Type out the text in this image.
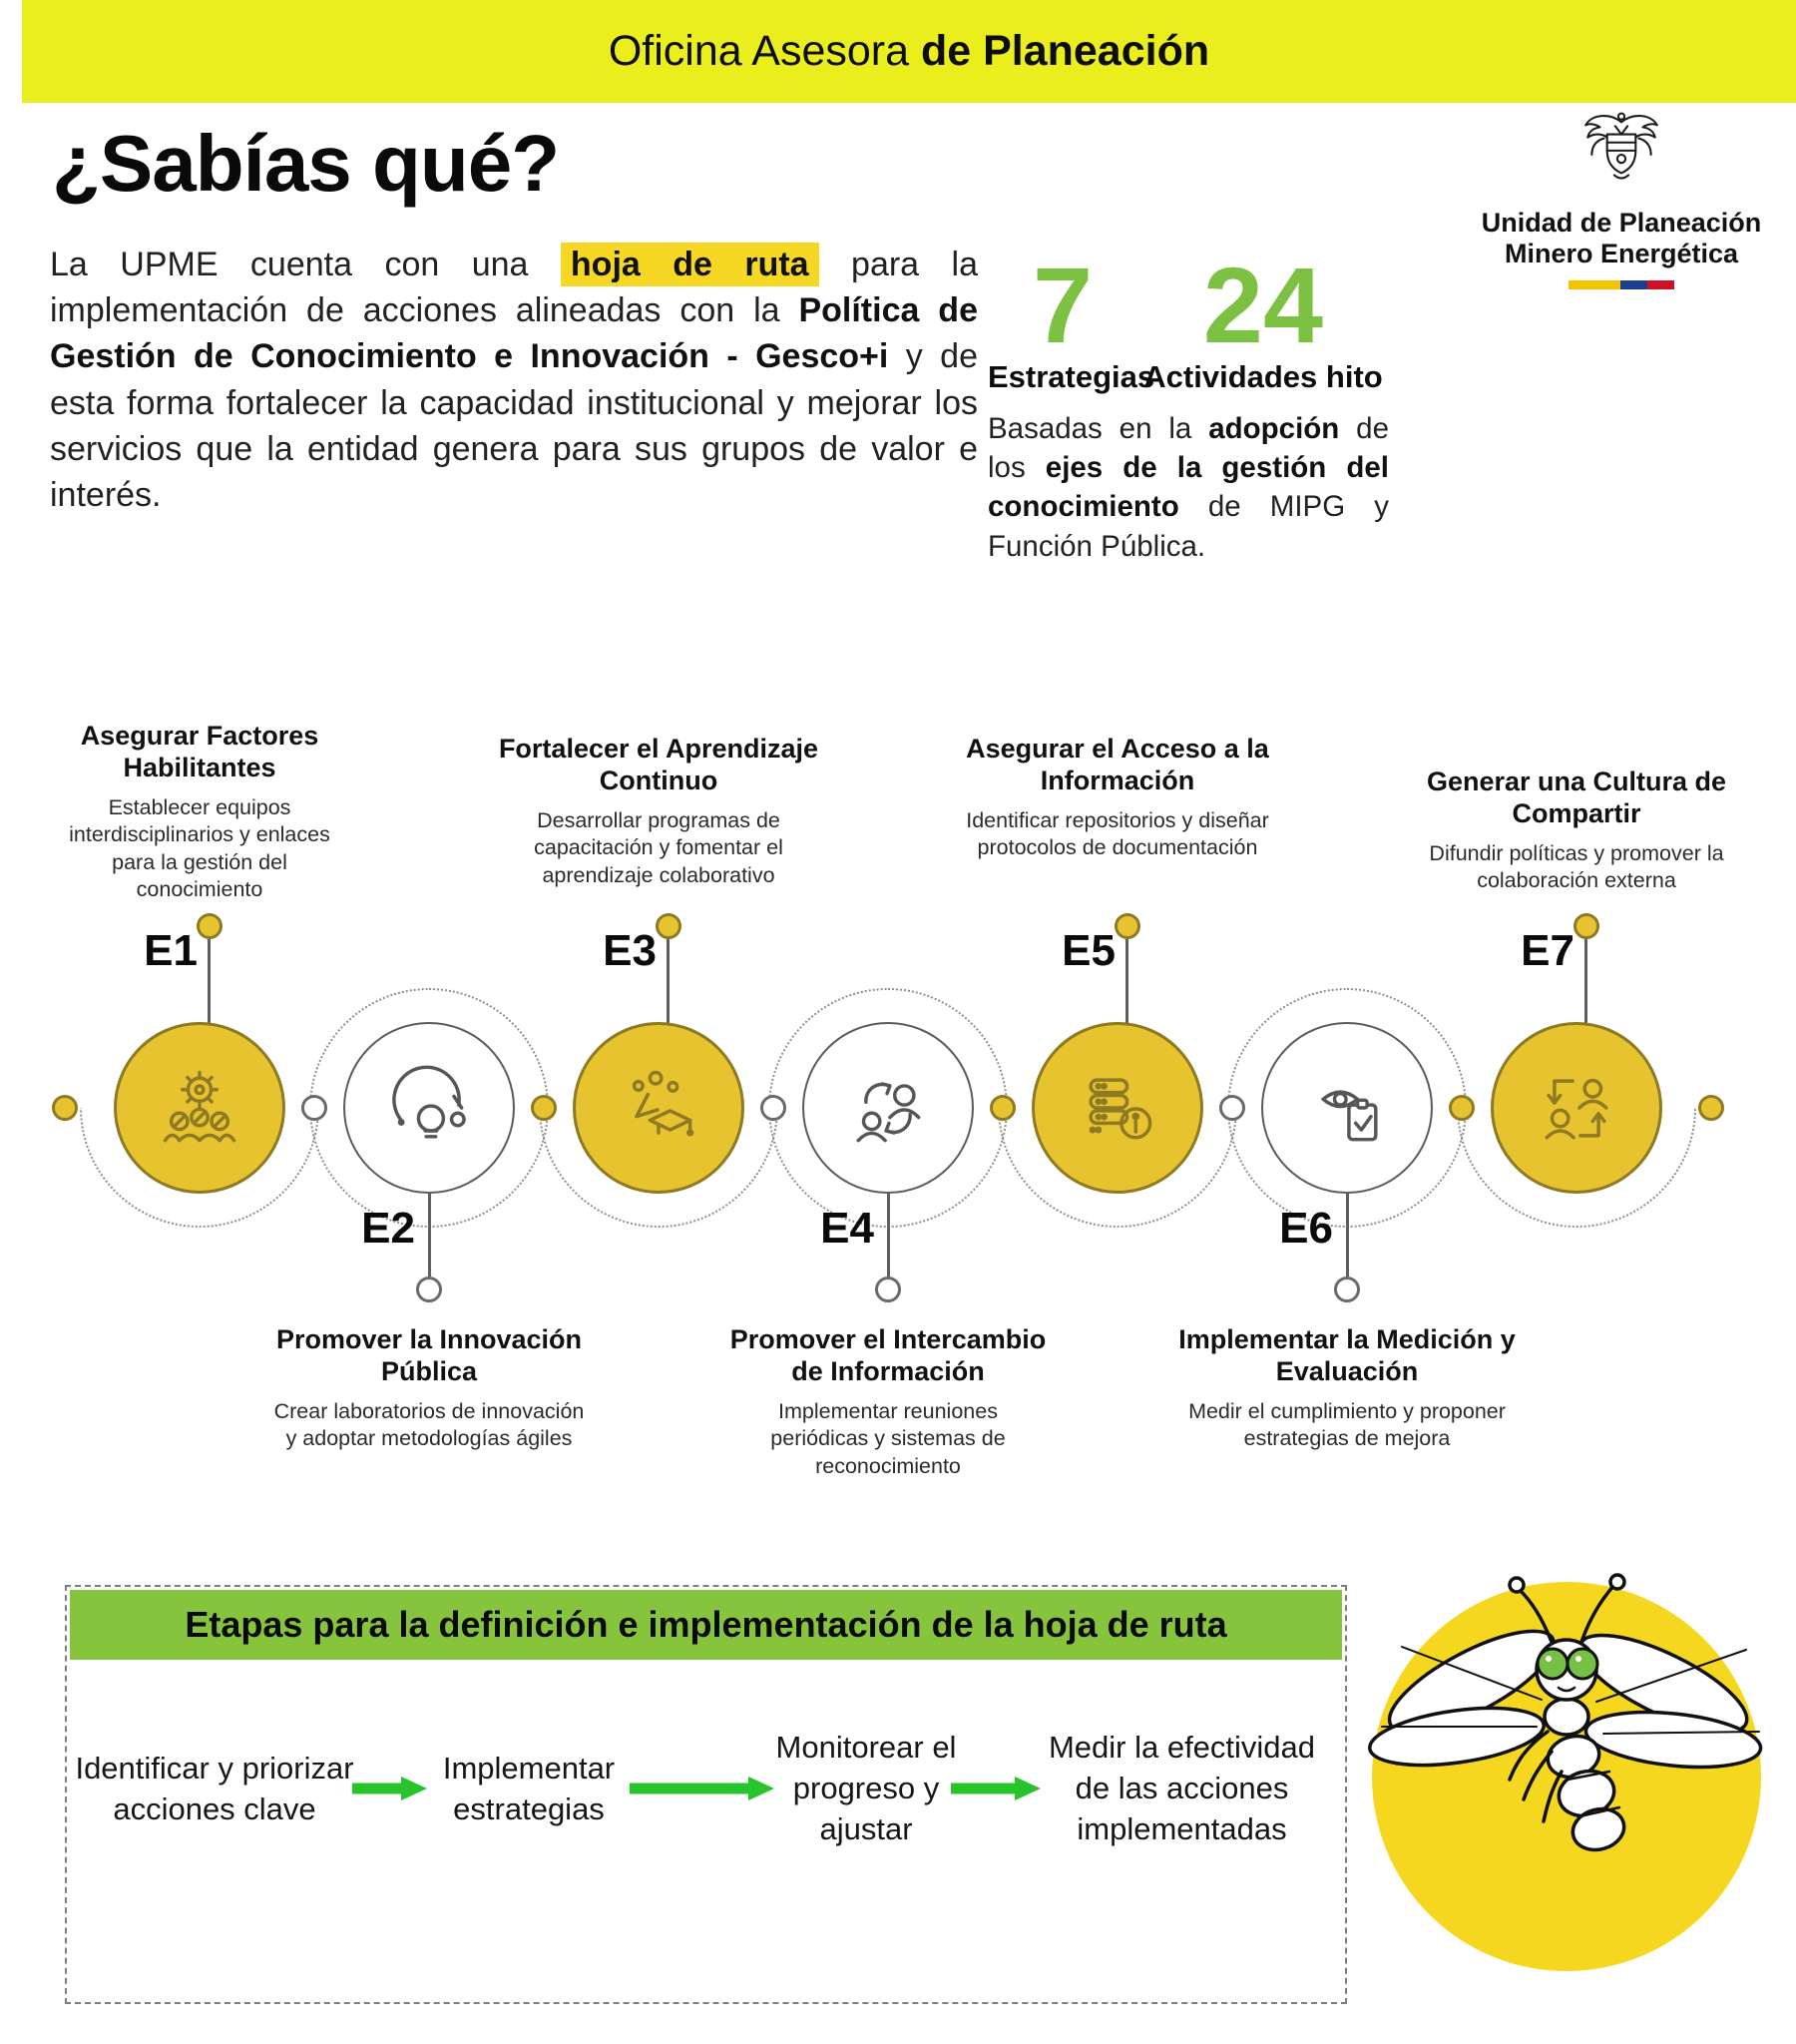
Oficina Asesora de Planeación
¿Sabías qué?
Unidad de Planeación
Minero Energética

La UPME cuenta con una hoja de ruta para la implementación de acciones alineadas con la Política de Gestión de Conocimiento e Innovación - Gesco+i y de esta forma fortalecer la capacidad institucional y mejorar los servicios que la entidad genera para sus grupos de valor e interés.

7
Estrategias
24
Actividades hito

Basadas en la adopción de los ejes de la gestión del conocimiento de MIPG y Función Pública.

Asegurar Factores Habilitantes
Establecer equipos interdisciplinarios y enlaces para la gestión del conocimiento
E1
E2
Promover la Innovación Pública
Crear laboratorios de innovación y adoptar metodologías ágiles
Fortalecer el Aprendizaje Continuo
Desarrollar programas de capacitación y fomentar el aprendizaje colaborativo
E3
E4
Promover el Intercambio de Información
Implementar reuniones periódicas y sistemas de reconocimiento
Asegurar el Acceso a la Información
Identificar repositorios y diseñar protocolos de documentación
E5
E6
Implementar la Medición y Evaluación
Medir el cumplimiento y proponer estrategias de mejora
Generar una Cultura de Compartir
Difundir políticas y promover la colaboración externa
E7
Etapas para la definición e implementación de la hoja de ruta
Identificar y priorizar acciones clave
Implementar estrategias
Monitorear el progreso y ajustar
Medir la efectividad de las acciones implementadas
